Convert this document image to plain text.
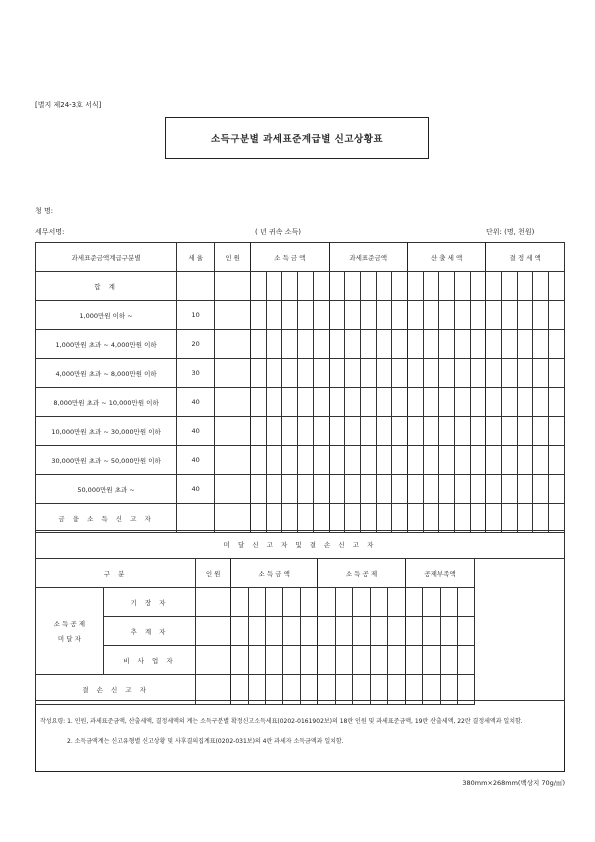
[별지 제24-3호 서식]
소득구분별 과세표준계급별 신고상황표
청 명:
세무서명:	( 년 귀속 소득)	단위: (명, 천원)
과세표준금액계급구분별	세 율	인 원	소 득 금 액					과세표준금액					산 출 세 액					결 정 세 액				
합 계																						
1,000만원 이하 ~	10																					
1,000만원 초과 ~ 4,000만원 이하	20																					
4,000만원 초과 ~ 8,000만원 이하	30																					
8,000만원 초과 ~ 10,000만원 이하	40																					
10,000만원 초과 ~ 30,000만원 이하	40																					
30,000만원 초과 ~ 50,000만원 이하	40																					
50,000만원 초과 ~	40																					
금 융 소 득 신 고 자																						
미 달 신 고 자 및 결 손 신 고 자																	
구 분		인 원	소 득 금 액					소 득 공 제					공제부족액				

소 득 공 제
미 달 자	기 장 자																
	추 계 자																
	비 사 업 자																
결 손 신 고 자																	
작성요령: 1. 인원, 과세표준금액, 산출세액, 결정세액의 계는 소득구분별 확정신고소득세표(0202-0161902보)의 18란 인원 및 과세표준금액, 19란 산출세액, 22란 결정세액과 일치함.
2. 소득금액계는 신고유형별 신고상황 및 사후결의집계표(0202-031보)의 4란 과세자 소득금액과 일치함.
380mm×268mm(백상지 70g/㎡)
